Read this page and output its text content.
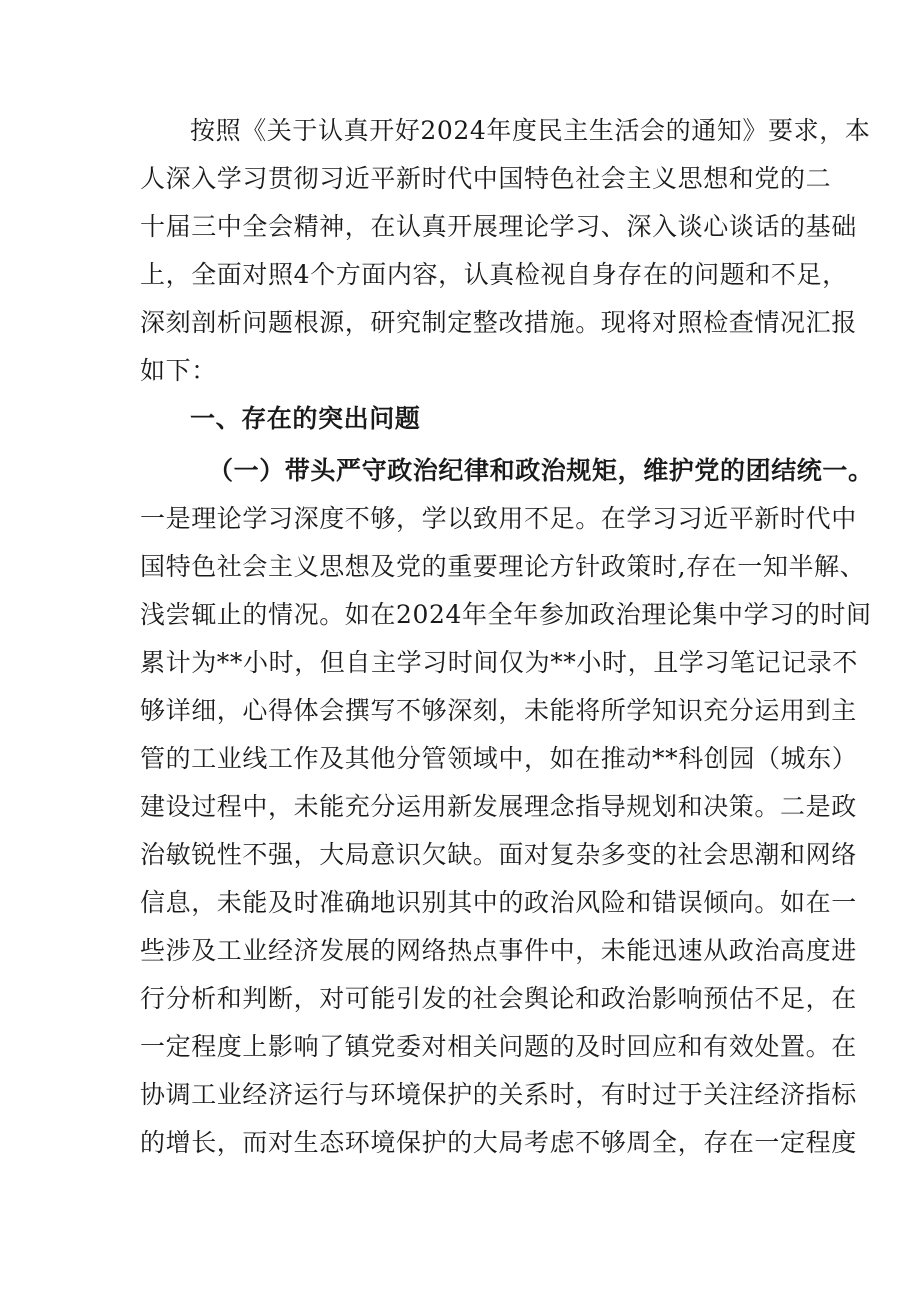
按照《关于认真开好2024年度民主生活会的通知》要求，本
人深入学习贯彻习近平新时代中国特色社会主义思想和党的二
十届三中全会精神，在认真开展理论学习、深入谈心谈话的基础
上，全面对照4个方面内容，认真检视自身存在的问题和不足，
深刻剖析问题根源，研究制定整改措施。现将对照检查情况汇报
如下：
一、存在的突出问题
（一）带头严守政治纪律和政治规矩，维护党的团结统一。
一是理论学习深度不够，学以致用不足。在学习习近平新时代中
国特色社会主义思想及党的重要理论方针政策时,存在一知半解、
浅尝辄止的情况。如在2024年全年参加政治理论集中学习的时间
累计为**小时，但自主学习时间仅为**小时，且学习笔记记录不
够详细，心得体会撰写不够深刻，未能将所学知识充分运用到主
管的工业线工作及其他分管领域中，如在推动**科创园（城东）
建设过程中，未能充分运用新发展理念指导规划和决策。二是政
治敏锐性不强，大局意识欠缺。面对复杂多变的社会思潮和网络
信息，未能及时准确地识别其中的政治风险和错误倾向。如在一
些涉及工业经济发展的网络热点事件中，未能迅速从政治高度进
行分析和判断，对可能引发的社会舆论和政治影响预估不足，在
一定程度上影响了镇党委对相关问题的及时回应和有效处置。在
协调工业经济运行与环境保护的关系时，有时过于关注经济指标
的增长，而对生态环境保护的大局考虑不够周全，存在一定程度
